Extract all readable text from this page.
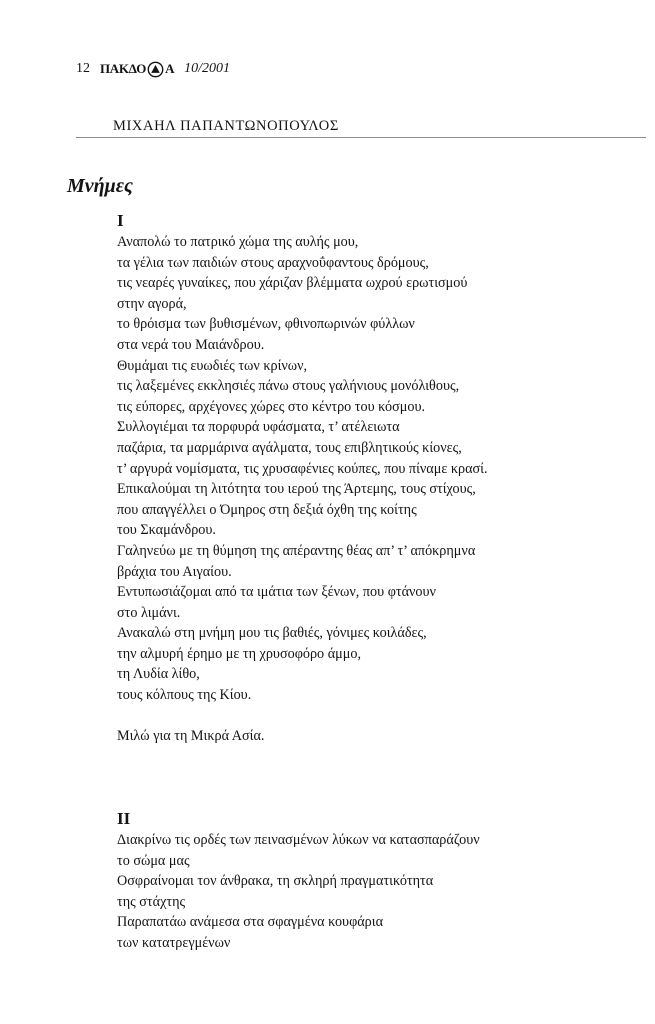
12 ΠΑΚΔΟ Α 10/2001
ΜΙΧΑΗΛ ΠΑΠΑΝΤΩΝΟΠΟΥΛΟΣ
Μνήμες
I
Αναπολώ το πατρικό χώμα της αυλής μου,
τα γέλια των παιδιών στους αραχνοΰφαντους δρόμους,
τις νεαρές γυναίκες, που χάριζαν βλέμματα ωχρού ερωτισμού
στην αγορά,
το θρόισμα των βυθισμένων, φθινοπωρινών φύλλων
στα νερά του Μαιάνδρου.
Θυμάμαι τις ευωδιές των κρίνων,
τις λαξεμένες εκκλησιές πάνω στους γαλήνιους μονόλιθους,
τις εύπορες, αρχέγονες χώρες στο κέντρο του κόσμου.
Συλλογιέμαι τα πορφυρά υφάσματα, τ’ ατέλειωτα
παζάρια, τα μαρμάρινα αγάλματα, τους επιβλητικούς κίονες,
τ’ αργυρά νομίσματα, τις χρυσαφένιες κούπες, που πίναμε κρασί.
Επικαλούμαι τη λιτότητα του ιερού της Άρτεμης, τους στίχους,
που απαγγέλλει ο Όμηρος στη δεξιά όχθη της κοίτης
του Σκαμάνδρου.
Γαληνεύω με τη θύμηση της απέραντης θέας απ’ τ’ απόκρημνα
βράχια του Αιγαίου.
Εντυπωσιάζομαι από τα ιμάτια των ξένων, που φτάνουν
στο λιμάνι.
Ανακαλώ στη μνήμη μου τις βαθιές, γόνιμες κοιλάδες,
την αλμυρή έρημο με τη χρυσοφόρο άμμο,
τη Λυδία λίθο,
τους κόλπους της Κίου.
Μιλώ για τη Μικρά Ασία.
II
Διακρίνω τις ορδές των πεινασμένων λύκων να κατασπαράζουν
το σώμα μας
Οσφραίνομαι τον άνθρακα, τη σκληρή πραγματικότητα
της στάχτης
Παραπατάω ανάμεσα στα σφαγμένα κουφάρια
των κατατρεγμένων
